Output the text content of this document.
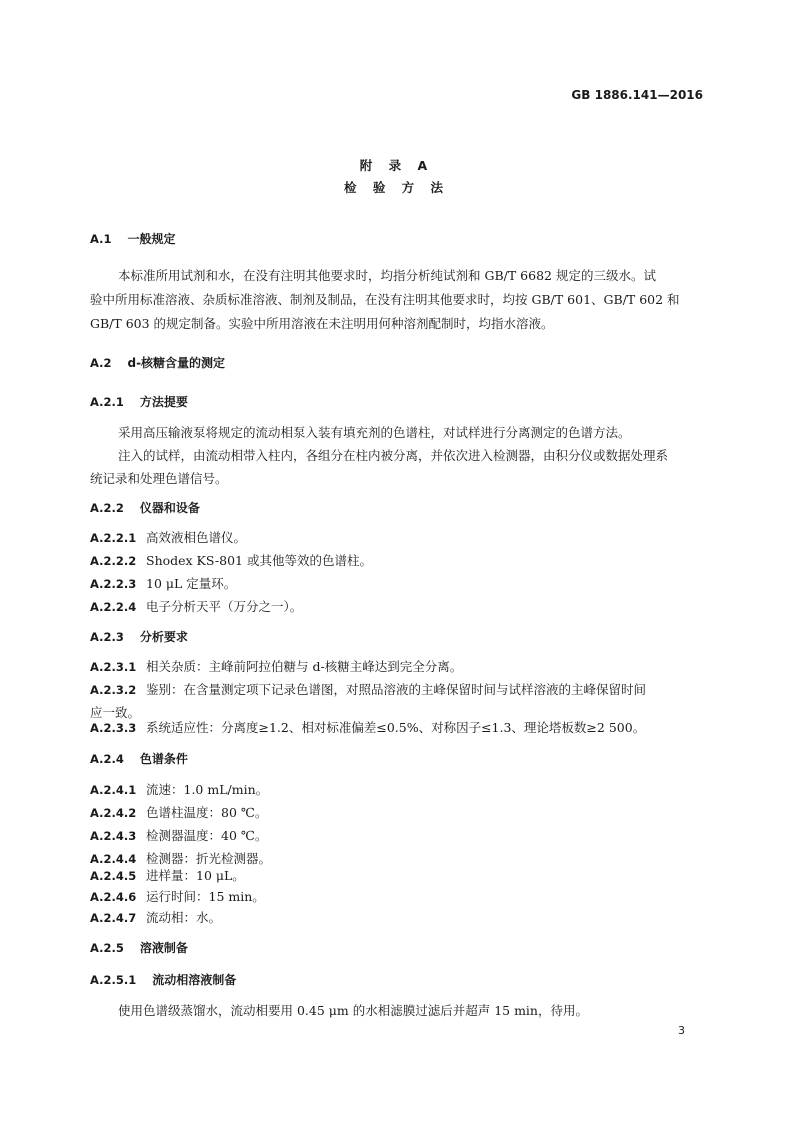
GB 1886.141—2016
附 录 A
检 验 方 法
A.1 一般规定
本标准所用试剂和水，在没有注明其他要求时，均指分析纯试剂和 GB/T 6682 规定的三级水。试
验中所用标准溶液、杂质标准溶液、制剂及制品，在没有注明其他要求时，均按 GB/T 601、GB/T 602 和
GB/T 603 的规定制备。实验中所用溶液在未注明用何种溶剂配制时，均指水溶液。
A.2 d-核糖含量的测定
A.2.1 方法提要
采用高压输液泵将规定的流动相泵入装有填充剂的色谱柱，对试样进行分离测定的色谱方法。
注入的试样，由流动相带入柱内，各组分在柱内被分离，并依次进入检测器，由积分仪或数据处理系
统记录和处理色谱信号。
A.2.2 仪器和设备
A.2.2.1 高效液相色谱仪。
A.2.2.2 Shodex KS-801 或其他等效的色谱柱。
A.2.2.3 10 μL 定量环。
A.2.2.4 电子分析天平（万分之一）。
A.2.3 分析要求
A.2.3.1 相关杂质：主峰前阿拉伯糖与 d-核糖主峰达到完全分离。
A.2.3.2 鉴别：在含量测定项下记录色谱图，对照品溶液的主峰保留时间与试样溶液的主峰保留时间
应一致。
A.2.3.3 系统适应性：分离度≥1.2、相对标准偏差≤0.5%、对称因子≤1.3、理论塔板数≥2 500。
A.2.4 色谱条件
A.2.4.1 流速：1.0 mL/min。
A.2.4.2 色谱柱温度：80 ℃。
A.2.4.3 检测器温度：40 ℃。
A.2.4.4 检测器：折光检测器。
A.2.4.5 进样量：10 μL。
A.2.4.6 运行时间：15 min。
A.2.4.7 流动相：水。
A.2.5 溶液制备
A.2.5.1 流动相溶液制备
使用色谱级蒸馏水，流动相要用 0.45 μm 的水相滤膜过滤后并超声 15 min，待用。
3
